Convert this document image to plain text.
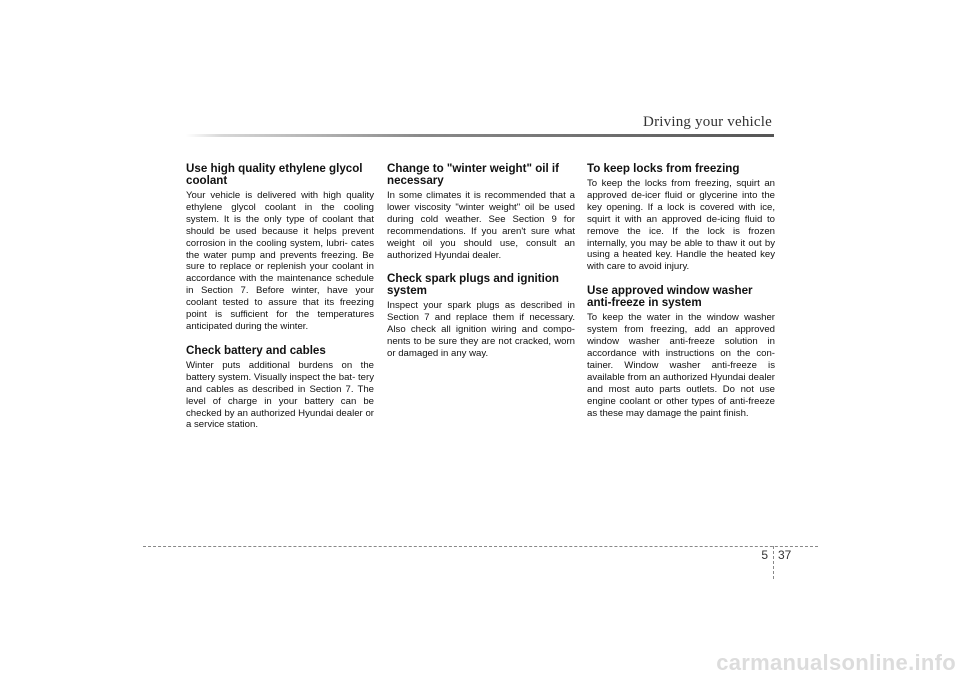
Driving your vehicle
Use high quality ethylene glycol coolant

Your vehicle is delivered with high quality ethylene glycol coolant in the cooling system. It is the only type of coolant that should be used because it helps prevent corrosion in the cooling system, lubri- cates the water pump and prevents freezing. Be sure to replace or replenish your coolant in accordance with the maintenance schedule in Section 7. Before winter, have your coolant tested to assure that its freezing point is sufficient for the temperatures anticipated during the winter.

Check battery and cables

Winter puts additional burdens on the battery system. Visually inspect the bat- tery and cables as described in Section 7. The level of charge in your battery can be checked by an authorized Hyundai dealer or a service station.

Change to "winter weight" oil if necessary

In some climates it is recommended that a lower viscosity "winter weight" oil be used during cold weather. See Section 9 for recommendations. If you aren't sure what weight oil you should use, consult an authorized Hyundai dealer.

Check spark plugs and ignition system

Inspect your spark plugs as described in Section 7 and replace them if necessary. Also check all ignition wiring and compo- nents to be sure they are not cracked, worn or damaged in any way.

To keep locks from freezing

To keep the locks from freezing, squirt an approved de-icer fluid or glycerine into the key opening. If a lock is covered with ice, squirt it with an approved de-icing fluid to remove the ice. If the lock is frozen internally, you may be able to thaw it out by using a heated key. Handle the heated key with care to avoid injury.

Use approved window washer anti-freeze in system

To keep the water in the window washer system from freezing, add an approved window washer anti-freeze solution in accordance with instructions on the con- tainer. Window washer anti-freeze is available from an authorized Hyundai dealer and most auto parts outlets. Do not use engine coolant or other types of anti-freeze as these may damage the paint finish.

5 37
carmanualsonline.info
